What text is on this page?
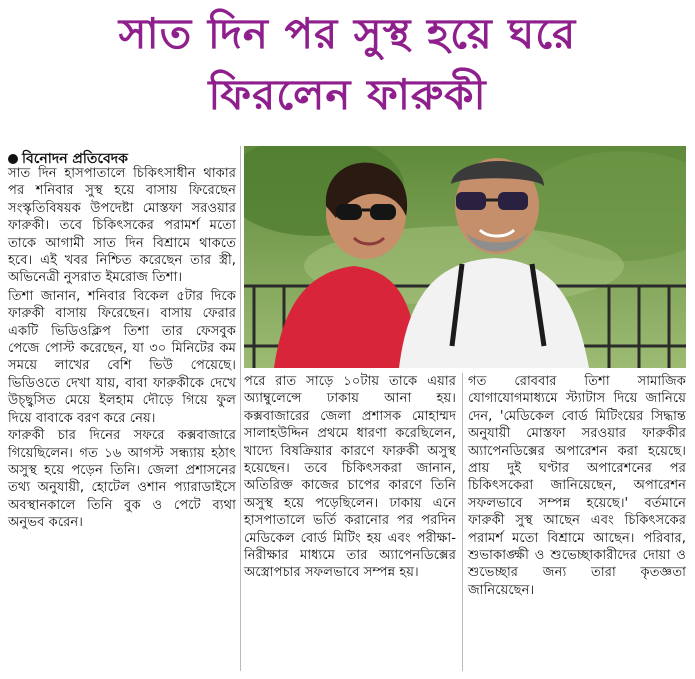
সাত দিন পর সুস্থ হয়ে ঘরে
ফিরলেন ফারুকী
বিনোদন প্রতিবেদক

সাত দিন হাসপাতালে চিকিৎসাধীন থাকার পর শনিবার সুস্থ হয়ে বাসায় ফিরেছেন সংস্কৃতিবিষয়ক উপদেষ্টা মোস্তফা সরওয়ার ফারুকী। তবে চিকিৎসকের পরামর্শ মতো তাকে আগামী সাত দিন বিশ্রামে থাকতে হবে। এই খবর নিশ্চিত করেছেন তার স্ত্রী, অভিনেত্রী নুসরাত ইমরোজ তিশা।

তিশা জানান, শনিবার বিকেল ৫টার দিকে ফারুকী বাসায় ফিরেছেন। বাসায় ফেরার একটি ভিডিওক্লিপ তিশা তার ফেসবুক পেজে পোস্ট করেছেন, যা ৩০ মিনিটের কম সময়ে লাখের বেশি ভিউ পেয়েছে। ভিডিওতে দেখা যায়, বাবা ফারুকীকে দেখে উচ্ছ্বসিত মেয়ে ইলহাম দৌড়ে গিয়ে ফুল দিয়ে বাবাকে বরণ করে নেয়।

ফারুকী চার দিনের সফরে কক্সবাজারে গিয়েছিলেন। গত ১৬ আগস্ট সন্ধ্যায় হঠাৎ অসুস্থ হয়ে পড়েন তিনি। জেলা প্রশাসনের তথ্য অনুযায়ী, হোটেল ওশান প্যারাডাইসে অবস্থানকালে তিনি বুক ও পেটে ব্যথা অনুভব করেন।

পরে রাত সাড়ে ১০টায় তাকে এয়ার অ্যাম্বুলেন্সে ঢাকায় আনা হয়। কক্সবাজারের জেলা প্রশাসক মোহাম্মদ সালাহউদ্দিন প্রথমে ধারণা করেছিলেন, খাদ্যে বিষক্রিয়ার কারণে ফারুকী অসুস্থ হয়েছেন। তবে চিকিৎসকরা জানান, অতিরিক্ত কাজের চাপের কারণে তিনি অসুস্থ হয়ে পড়েছিলেন। ঢাকায় এনে হাসপাতালে ভর্তি করানোর পর পরদিন মেডিকেল বোর্ড মিটিং হয় এবং পরীক্ষা-নিরীক্ষার মাধ্যমে তার অ্যাপেনডিক্সের অস্ত্রোপচার সফলভাবে সম্পন্ন হয়।

গত রোববার তিশা সামাজিক যোগাযোগমাধ্যমে স্ট্যাটাস দিয়ে জানিয়ে দেন, 'মেডিকেল বোর্ড মিটিংয়ের সিদ্ধান্ত অনুযায়ী মোস্তফা সরওয়ার ফারুকীর অ্যাপেনডিক্সের অপারেশন করা হয়েছে। প্রায় দুই ঘণ্টার অপারেশনের পর চিকিৎসকেরা জানিয়েছেন, অপারেশন সফলভাবে সম্পন্ন হয়েছে।' বর্তমানে ফারুকী সুস্থ আছেন এবং চিকিৎসকের পরামর্শ মতো বিশ্রামে আছেন। পরিবার, শুভাকাঙ্ক্ষী ও শুভেচ্ছাকারীদের দোয়া ও শুভেচ্ছার জন্য তারা কৃতজ্ঞতা জানিয়েছেন।
